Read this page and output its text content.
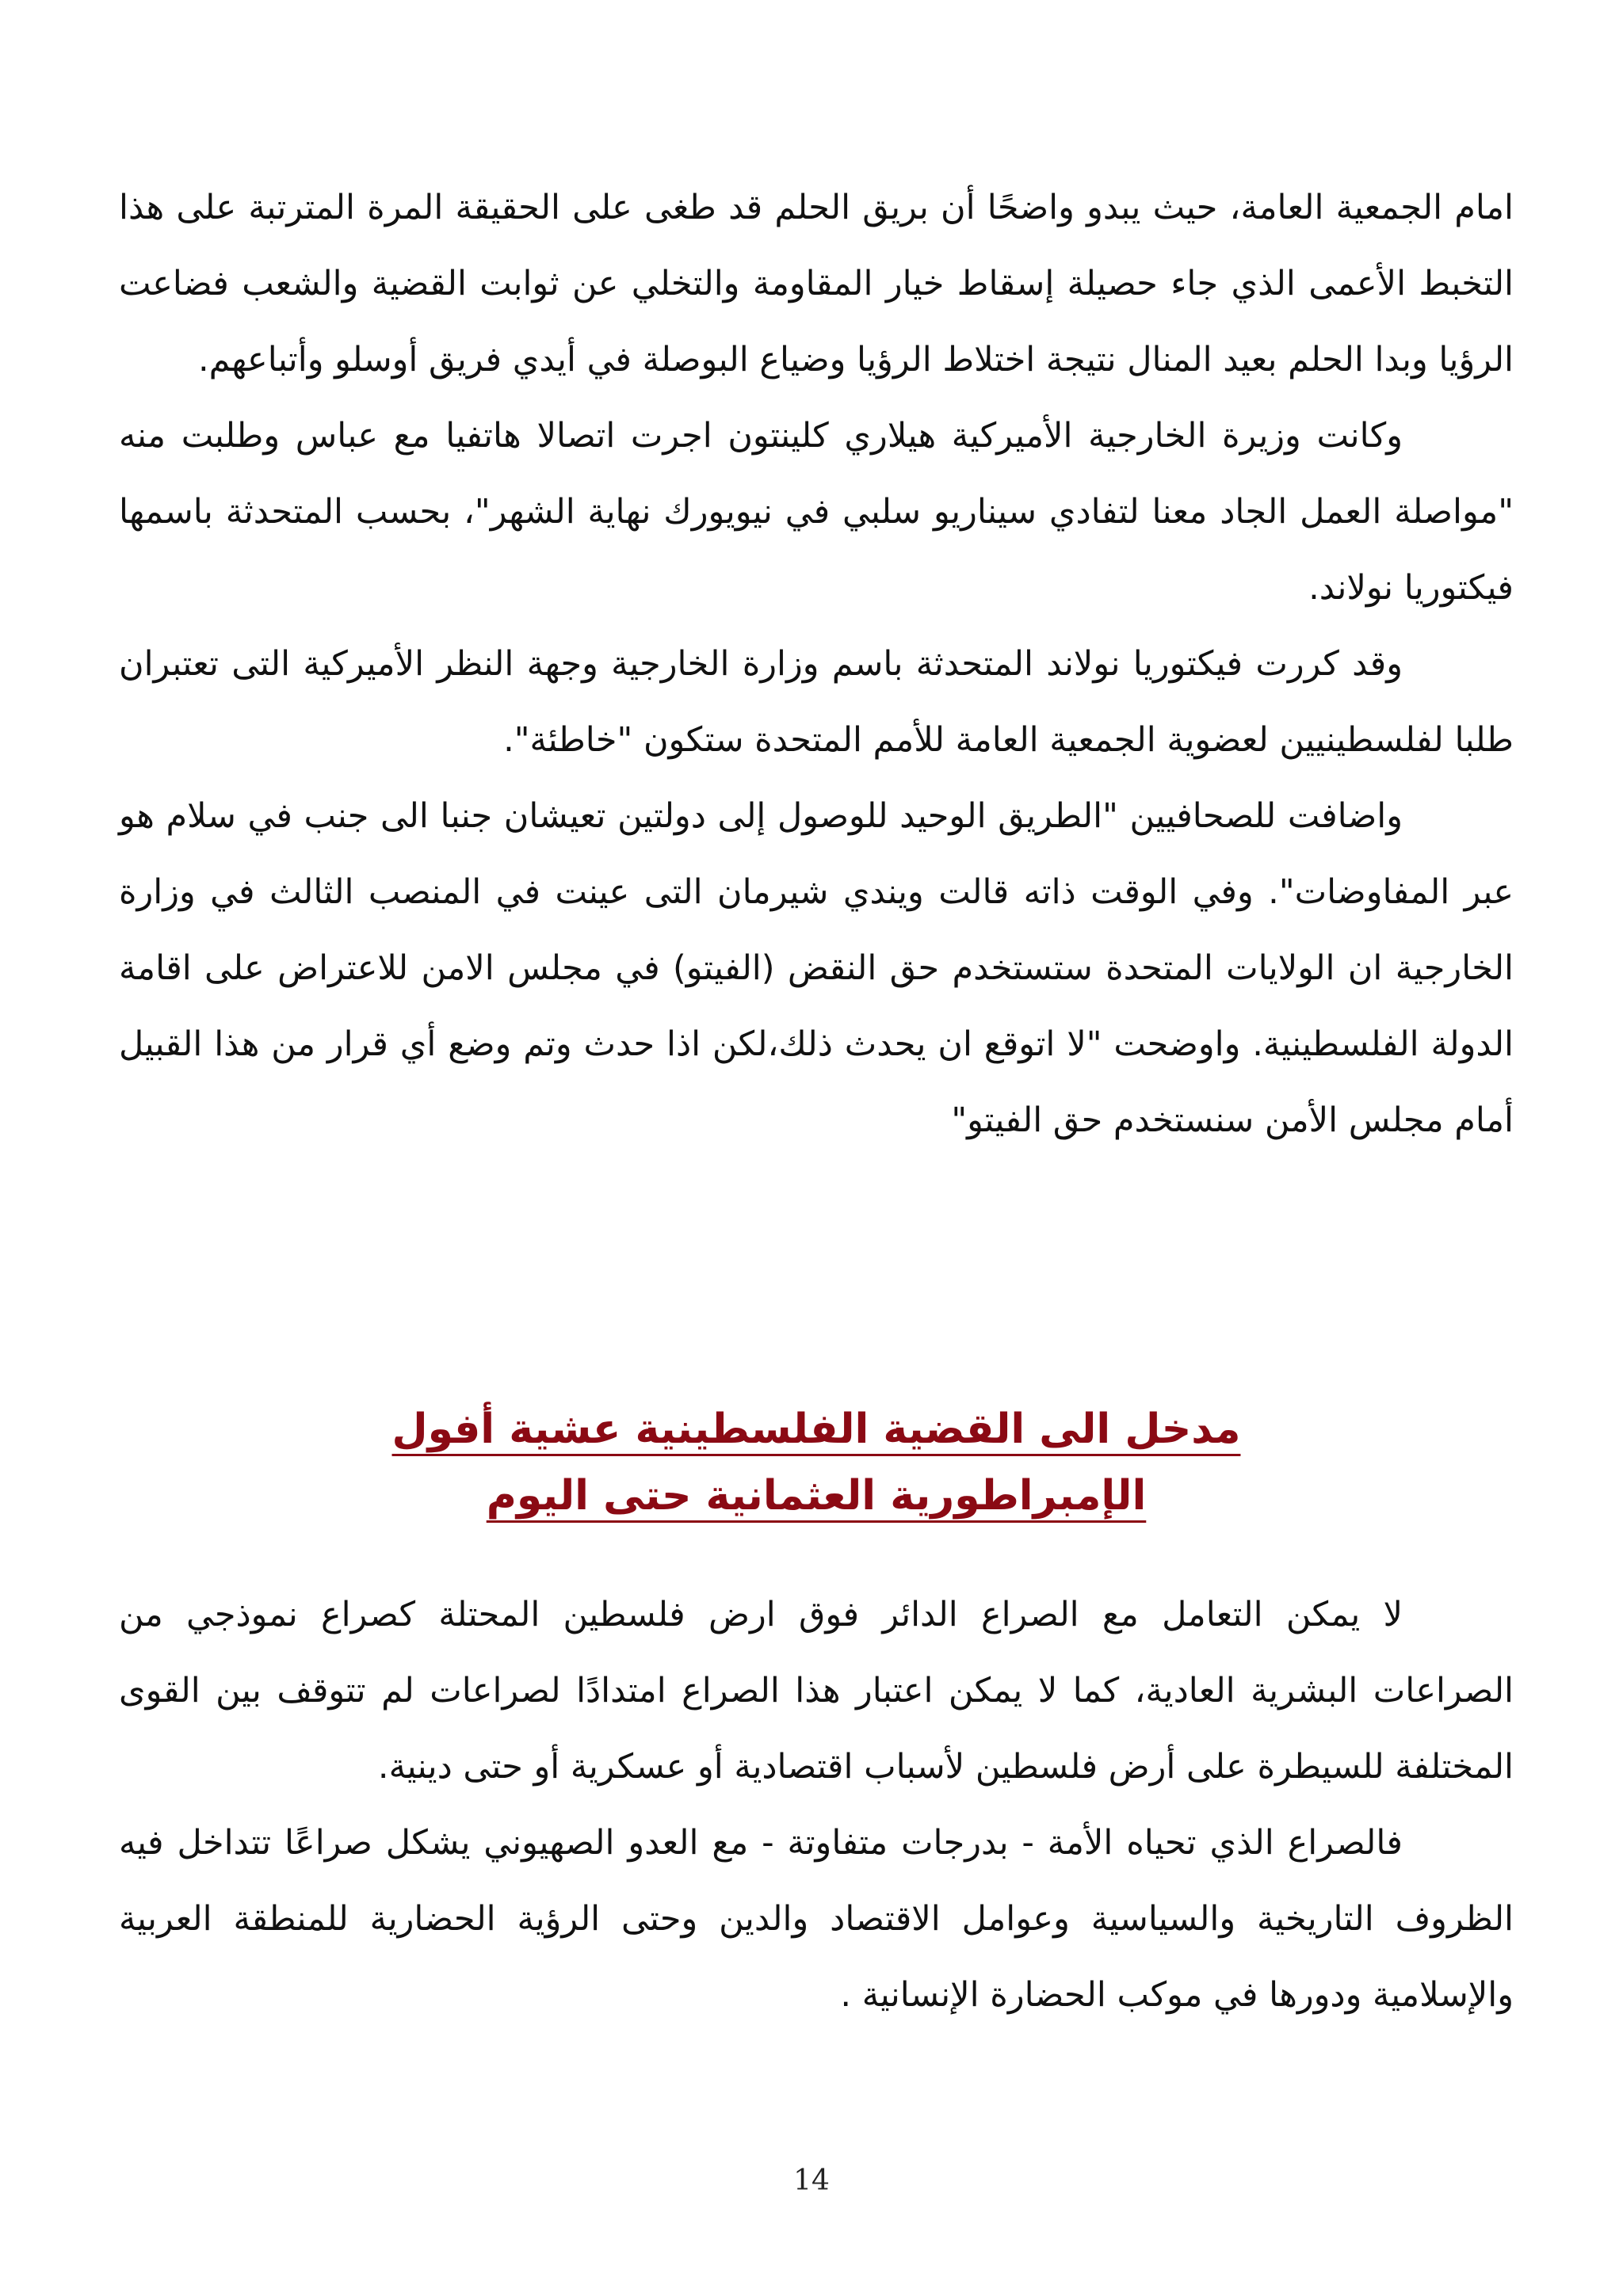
امام الجمعية العامة، حيث يبدو واضحًا أن بريق الحلم قد طغى على الحقيقة المرة المترتبة على هذا التخبط الأعمى الذي جاء حصيلة إسقاط خيار المقاومة والتخلي عن ثوابت القضية والشعب فضاعت الرؤيا وبدا الحلم بعيد المنال نتيجة اختلاط الرؤيا وضياع البوصلة في أيدي فريق أوسلو وأتباعهم.

وكانت وزيرة الخارجية الأميركية هيلاري كلينتون اجرت اتصالا هاتفيا مع عباس وطلبت منه "مواصلة العمل الجاد معنا لتفادي سيناريو سلبي في نيويورك نهاية الشهر"، بحسب المتحدثة باسمها فيكتوريا نولاند.

وقد كررت فيكتوريا نولاند المتحدثة باسم وزارة الخارجية وجهة النظر الأميركية التى تعتبران طلبا لفلسطينيين لعضوية الجمعية العامة للأمم المتحدة ستكون "خاطئة".

واضافت للصحافيين "الطريق الوحيد للوصول إلى دولتين تعيشان جنبا الى جنب في سلام هو عبر المفاوضات". وفي الوقت ذاته قالت ويندي شيرمان التى عينت في المنصب الثالث في وزارة الخارجية ان الولايات المتحدة ستستخدم حق النقض (الفيتو) في مجلس الامن للاعتراض على اقامة الدولة الفلسطينية. واوضحت "لا اتوقع ان يحدث ذلك،لكن اذا حدث وتم وضع أي قرار من هذا القبيل أمام مجلس الأمن سنستخدم حق الفيتو"

مدخل الى القضية الفلسطينية عشية أفول
الإمبراطورية العثمانية حتى اليوم

لا يمكن التعامل مع الصراع الدائر فوق ارض فلسطين المحتلة كصراع نموذجي من الصراعات البشرية العادية، كما لا يمكن اعتبار هذا الصراع امتدادًا لصراعات لم تتوقف بين القوى المختلفة للسيطرة على أرض فلسطين لأسباب اقتصادية أو عسكرية أو حتى دينية.

فالصراع الذي تحياه الأمة - بدرجات متفاوتة - مع العدو الصهيوني يشكل صراعًا تتداخل فيه الظروف التاريخية والسياسية وعوامل الاقتصاد والدين وحتى الرؤية الحضارية للمنطقة العربية والإسلامية ودورها في موكب الحضارة الإنسانية .

14
